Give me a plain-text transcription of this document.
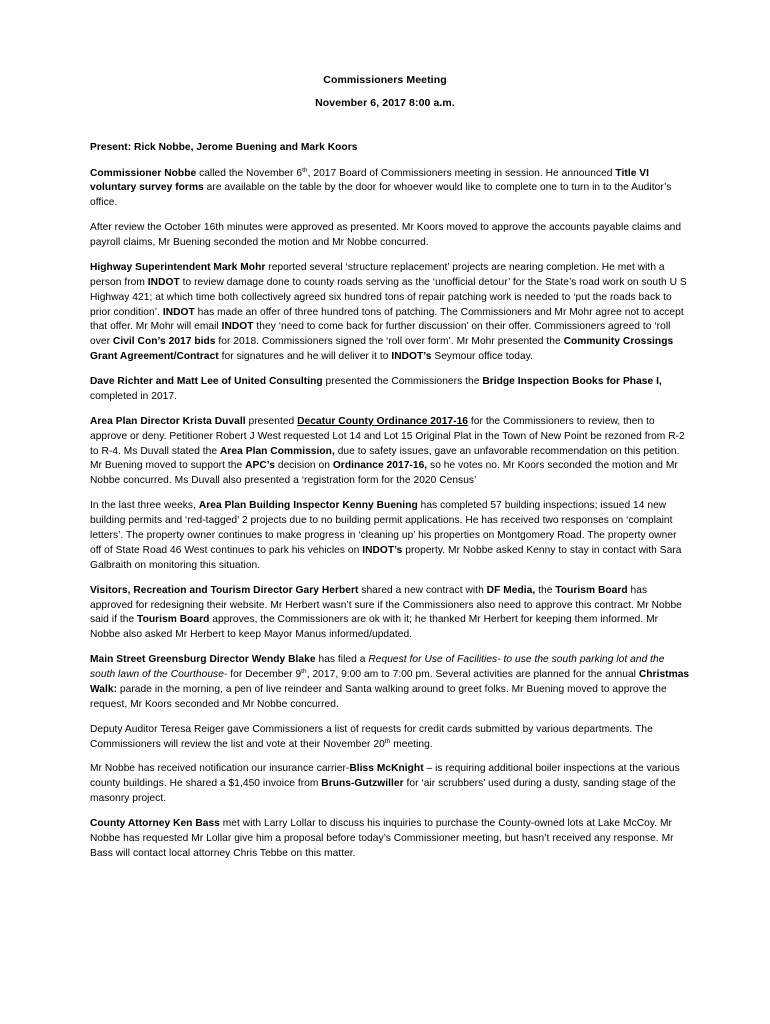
Commissioners Meeting
November 6, 2017 8:00 a.m.

Present: Rick Nobbe, Jerome Buening and Mark Koors

Commissioner Nobbe called the November 6th, 2017 Board of Commissioners meeting in session. He announced Title VI voluntary survey forms are available on the table by the door for whoever would like to complete one to turn in to the Auditor’s office.

After review the October 16th minutes were approved as presented. Mr Koors moved to approve the accounts payable claims and payroll claims, Mr Buening seconded the motion and Mr Nobbe concurred.

Highway Superintendent Mark Mohr reported several ‘structure replacement’ projects are nearing completion. He met with a person from INDOT to review damage done to county roads serving as the ‘unofficial detour’ for the State’s road work on south U S Highway 421; at which time both collectively agreed six hundred tons of repair patching work is needed to ‘put the roads back to prior condition’. INDOT has made an offer of three hundred tons of patching. The Commissioners and Mr Mohr agree not to accept that offer. Mr Mohr will email INDOT they ‘need to come back for further discussion’ on their offer. Commissioners agreed to ‘roll over Civil Con’s 2017 bids for 2018. Commissioners signed the ‘roll over form’. Mr Mohr presented the Community Crossings Grant Agreement/Contract for signatures and he will deliver it to INDOT’s Seymour office today.

Dave Richter and Matt Lee of United Consulting presented the Commissioners the Bridge Inspection Books for Phase I, completed in 2017.

Area Plan Director Krista Duvall presented Decatur County Ordinance 2017-16 for the Commissioners to review, then to approve or deny. Petitioner Robert J West requested Lot 14 and Lot 15 Original Plat in the Town of New Point be rezoned from R-2 to R-4. Ms Duvall stated the Area Plan Commission, due to safety issues, gave an unfavorable recommendation on this petition. Mr Buening moved to support the APC’s decision on Ordinance 2017-16, so he votes no. Mr Koors seconded the motion and Mr Nobbe concurred. Ms Duvall also presented a ‘registration form for the 2020 Census’

In the last three weeks, Area Plan Building Inspector Kenny Buening has completed 57 building inspections; issued 14 new building permits and ‘red-tagged’ 2 projects due to no building permit applications. He has received two responses on ‘complaint letters’. The property owner continues to make progress in ‘cleaning up’ his properties on Montgomery Road. The property owner off of State Road 46 West continues to park his vehicles on INDOT’s property. Mr Nobbe asked Kenny to stay in contact with Sara Galbraith on monitoring this situation.

Visitors, Recreation and Tourism Director Gary Herbert shared a new contract with DF Media, the Tourism Board has approved for redesigning their website. Mr Herbert wasn’t sure if the Commissioners also need to approve this contract. Mr Nobbe said if the Tourism Board approves, the Commissioners are ok with it; he thanked Mr Herbert for keeping them informed. Mr Nobbe also asked Mr Herbert to keep Mayor Manus informed/updated.

Main Street Greensburg Director Wendy Blake has filed a Request for Use of Facilities- to use the south parking lot and the south lawn of the Courthouse- for December 9th, 2017, 9:00 am to 7:00 pm. Several activities are planned for the annual Christmas Walk: parade in the morning, a pen of live reindeer and Santa walking around to greet folks. Mr Buening moved to approve the request, Mr Koors seconded and Mr Nobbe concurred.

Deputy Auditor Teresa Reiger gave Commissioners a list of requests for credit cards submitted by various departments. The Commissioners will review the list and vote at their November 20th meeting.

Mr Nobbe has received notification our insurance carrier-Bliss McKnight – is requiring additional boiler inspections at the various county buildings. He shared a $1,450 invoice from Bruns-Gutzwiller for ‘air scrubbers’ used during a dusty, sanding stage of the masonry project.

County Attorney Ken Bass met with Larry Lollar to discuss his inquiries to purchase the County-owned lots at Lake McCoy. Mr Nobbe has requested Mr Lollar give him a proposal before today’s Commissioner meeting, but hasn’t received any response. Mr Bass will contact local attorney Chris Tebbe on this matter.
